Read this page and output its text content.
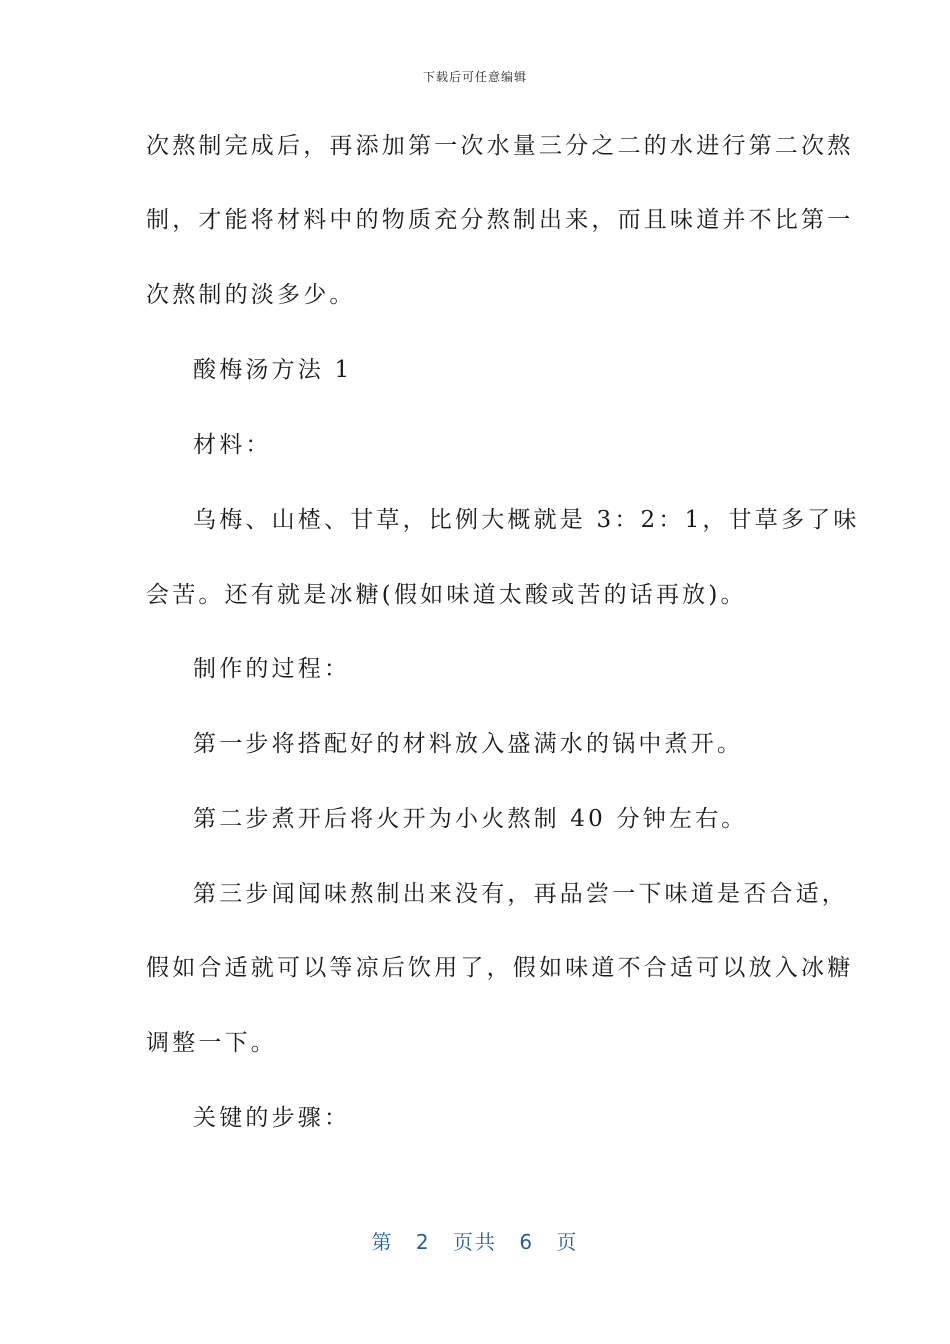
下载后可任意编辑
次熬制完成后，再添加第一次水量三分之二的水进行第二次熬
制，才能将材料中的物质充分熬制出来，而且味道并不比第一
次熬制的淡多少。
酸梅汤方法 1
材料：
乌梅、山楂、甘草，比例大概就是 3：2：1，甘草多了味
会苦。还有就是冰糖(假如味道太酸或苦的话再放)。
制作的过程：
第一步将搭配好的材料放入盛满水的锅中煮开。
第二步煮开后将火开为小火熬制 40 分钟左右。
第三步闻闻味熬制出来没有，再品尝一下味道是否合适，
假如合适就可以等凉后饮用了，假如味道不合适可以放入冰糖
调整一下。
关键的步骤：
第 2 页共 6 页
